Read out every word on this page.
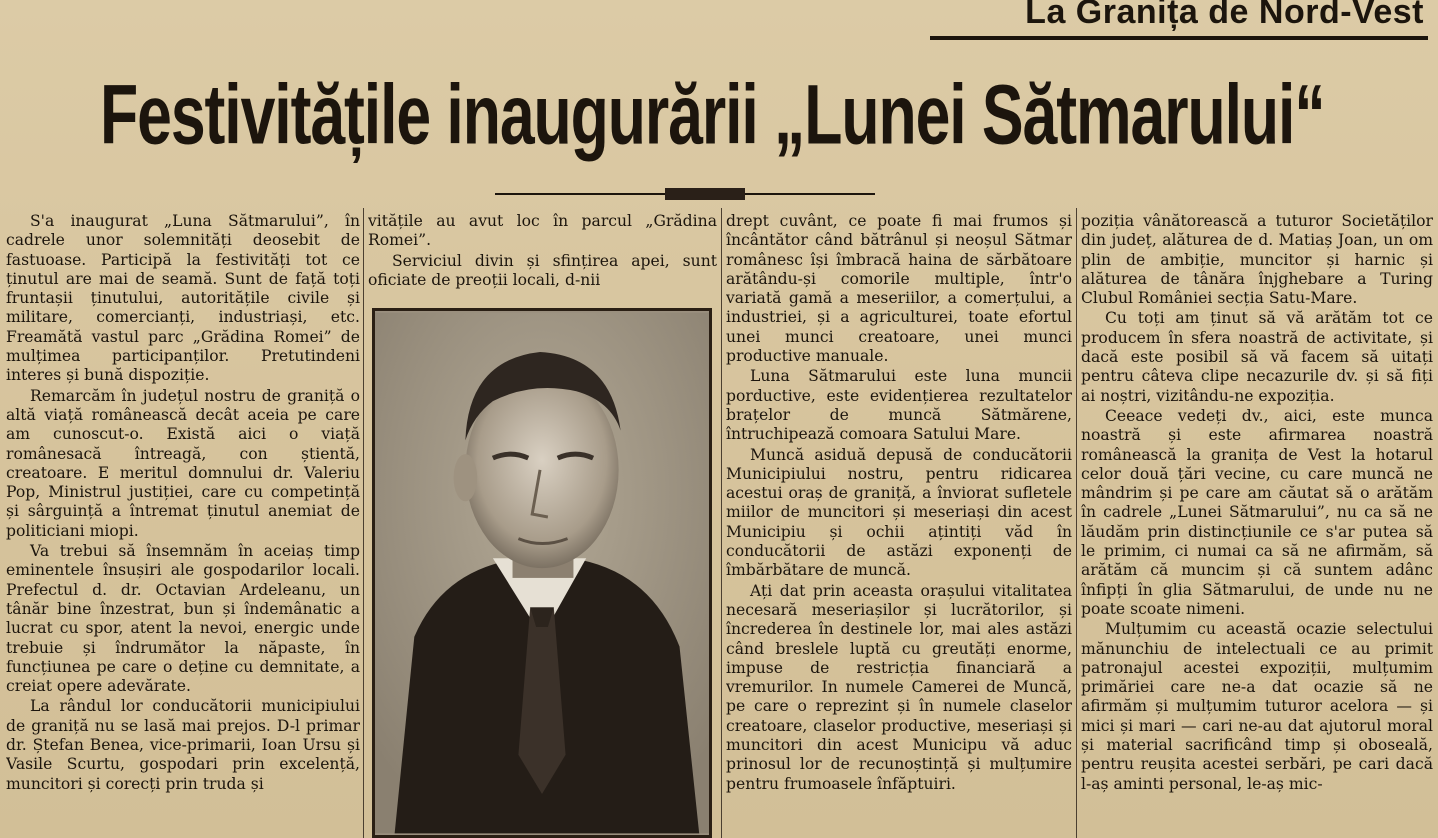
La Granița de Nord-Vest
Festivitățile inaugurării „Lunei Sătmarului“

S'a inaugurat „Luna Sătmarului”, în cadrele unor solemnități deosebit de fastuoase. Participă la festivități tot ce ținutul are mai de seamă. Sunt de față toți fruntașii ținutului, autoritățile civile și militare, comercianți, industriași, etc. Freamătă vastul parc „Grădina Romei” de mulțimea participanților. Pretutindeni interes și bună dispoziție.

Remarcăm în județul nostru de graniță o altă viață românească decât aceia pe care am cunoscut-o. Există aici o viață românesacă întreagă, con știentă, creatoare. E meritul domnului dr. Valeriu Pop, Ministrul justiției, care cu competință și sârguință a întremat ținutul anemiat de politiciani miopi.

Va trebui să însemnăm în aceiaș timp eminentele însușiri ale gospodarilor locali. Prefectul d. dr. Octavian Ardeleanu, un tânăr bine înzestrat, bun și îndemânatic a lucrat cu spor, atent la nevoi, energic unde trebuie și îndrumător la năpaste, în funcțiunea pe care o deține cu demnitate, a creiat opere adevărate.

La rândul lor conducătorii municipiului de graniță nu se lasă mai prejos. D-l primar dr. Ștefan Benea, vice-primarii, Ioan Ursu și Vasile Scurtu, gospodari prin excelență, muncitori și corecți prin truda și

vitățile au avut loc în parcul „Grădina Romei”.

Serviciul divin și sfințirea apei, sunt oficiate de preoții locali, d-nii

drept cuvânt, ce poate fi mai frumos și încântător când bătrânul și neoșul Sătmar românesc își îmbracă haina de sărbătoare arătându-și comorile multiple, într'o variată gamă a meseriilor, a comerțului, a industriei, și a agriculturei, toate efortul unei munci creatoare, unei munci productive manuale.

Luna Sătmarului este luna muncii porductive, este evidențierea rezultatelor brațelor de muncă Sătmărene, întruchipează comoara Satului Mare.

Muncă asiduă depusă de conducătorii Municipiului nostru, pentru ridicarea acestui oraș de graniță, a înviorat sufletele miilor de muncitori și meseriași din acest Municipiu și ochii ațintiți văd în conducătorii de astăzi exponenți de îmbărbătare de muncă.

Ați dat prin aceasta orașului vitalitatea necesară meseriașilor și lucrătorilor, și încrederea în destinele lor, mai ales astăzi când breslele luptă cu greutăți enorme, impuse de restricția financiară a vremurilor. In numele Camerei de Muncă, pe care o reprezint și în numele claselor creatoare, claselor productive, meseriași și muncitori din acest Municipu vă aduc prinosul lor de recunoștință și mulțumire pentru frumoasele înfăptuiri.

poziția vânătorească a tuturor Societăților din județ, alăturea de d. Matiaș Joan, un om plin de ambiție, muncitor și harnic și alăturea de tânăra înjghebare a Turing Clubul României secția Satu-Mare.

Cu toți am ținut să vă arătăm tot ce producem în sfera noastră de activitate, și dacă este posibil să vă facem să uitați pentru câteva clipe necazurile dv. și să fiți ai noștri, vizitându-ne expoziția.

Ceeace vedeți dv., aici, este munca noastră și este afirmarea noastră românească la granița de Vest la hotarul celor două țări vecine, cu care muncă ne mândrim și pe care am căutat să o arătăm în cadrele „Lunei Sătmarului”, nu ca să ne lăudăm prin distincțiunile ce s'ar putea să le primim, ci numai ca să ne afirmăm, să arătăm că muncim și că suntem adânc înfipți în glia Sătmarului, de unde nu ne poate scoate nimeni.

Mulțumim cu această ocazie selectului mănunchiu de intelectuali ce au primit patronajul acestei expoziții, mulțumim primăriei care ne-a dat ocazie să ne afirmăm și mulțumim tuturor acelora — și mici și mari — cari ne-au dat ajutorul moral și material sacrificând timp și oboseală, pentru reușita acestei serbări, pe cari dacă l-aș aminti personal, le-aș mic-
